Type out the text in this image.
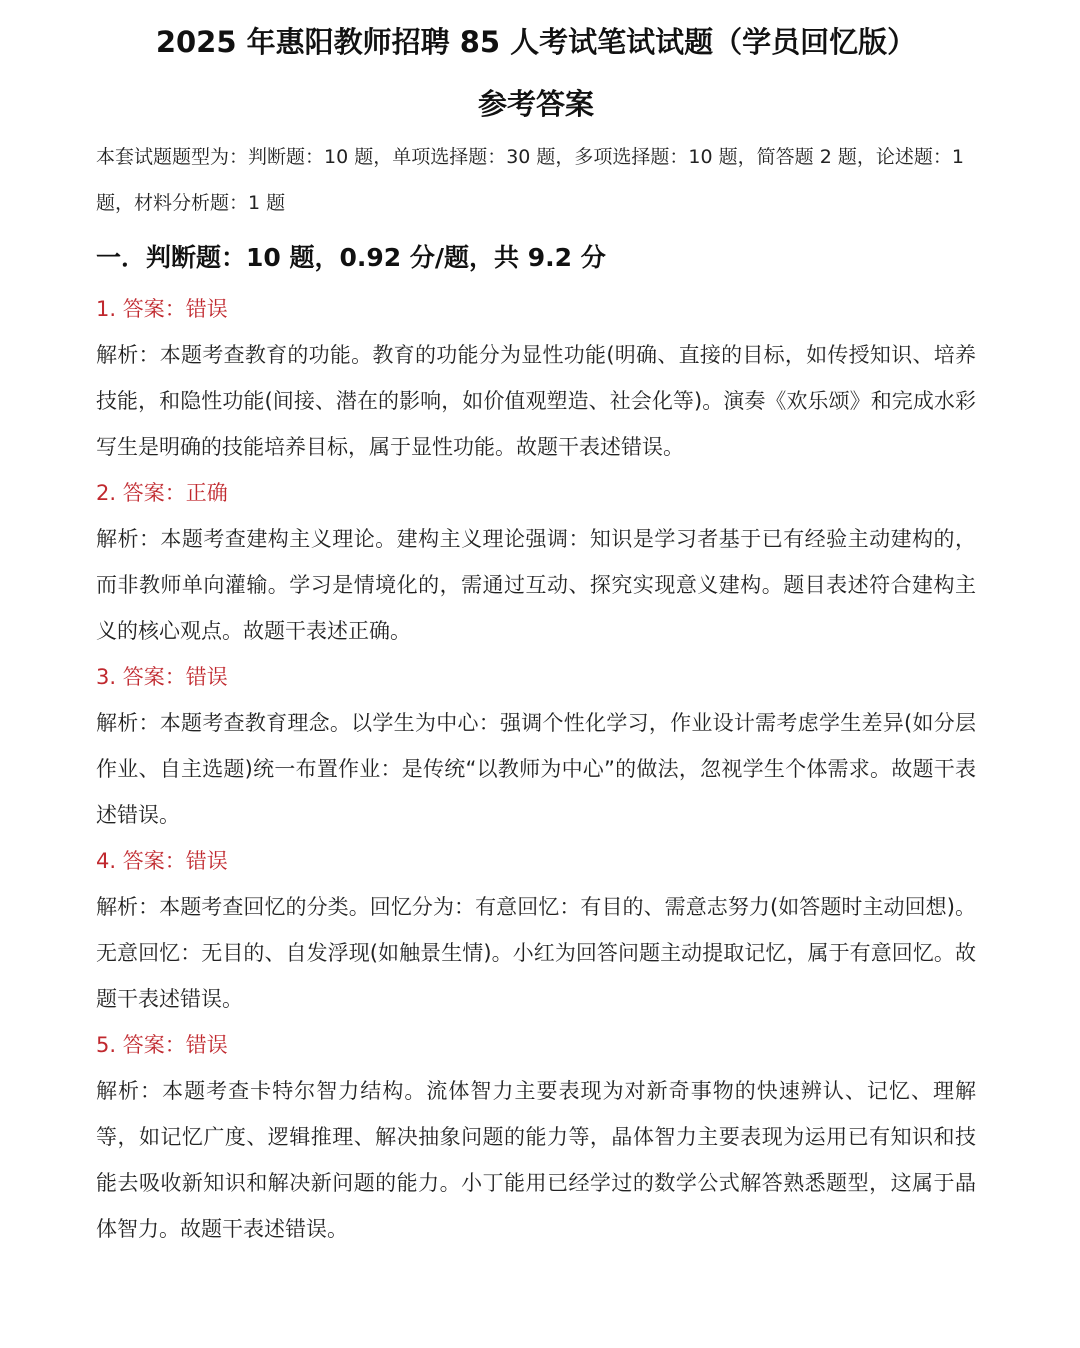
2025 年惠阳教师招聘 85 人考试笔试试题（学员回忆版）
参考答案

本套试题题型为：判断题：10 题，单项选择题：30 题，多项选择题：10 题，简答题 2 题，论述题：1 题，材料分析题：1 题

一．判断题：10 题，0.92 分/题，共 9.2 分

1. 答案：错误

解析：本题考查教育的功能。教育的功能分为显性功能(明确、直接的目标，如传授知识、培养技能，和隐性功能(间接、潜在的影响，如价值观塑造、社会化等)。演奏《欢乐颂》和完成水彩写生是明确的技能培养目标，属于显性功能。故题干表述错误。

2. 答案：正确

解析：本题考查建构主义理论。建构主义理论强调：知识是学习者基于已有经验主动建构的，而非教师单向灌输。学习是情境化的，需通过互动、探究实现意义建构。题目表述符合建构主义的核心观点。故题干表述正确。

3. 答案：错误

解析：本题考查教育理念。以学生为中心：强调个性化学习，作业设计需考虑学生差异(如分层作业、自主选题)统一布置作业：是传统“以教师为中心”的做法，忽视学生个体需求。故题干表述错误。

4. 答案：错误

解析：本题考查回忆的分类。回忆分为：有意回忆：有目的、需意志努力(如答题时主动回想)。无意回忆：无目的、自发浮现(如触景生情)。小红为回答问题主动提取记忆，属于有意回忆。故题干表述错误。

5. 答案：错误

解析：本题考查卡特尔智力结构。流体智力主要表现为对新奇事物的快速辨认、记忆、理解等，如记忆广度、逻辑推理、解决抽象问题的能力等，晶体智力主要表现为运用已有知识和技能去吸收新知识和解决新问题的能力。小丁能用已经学过的数学公式解答熟悉题型，这属于晶体智力。故题干表述错误。
